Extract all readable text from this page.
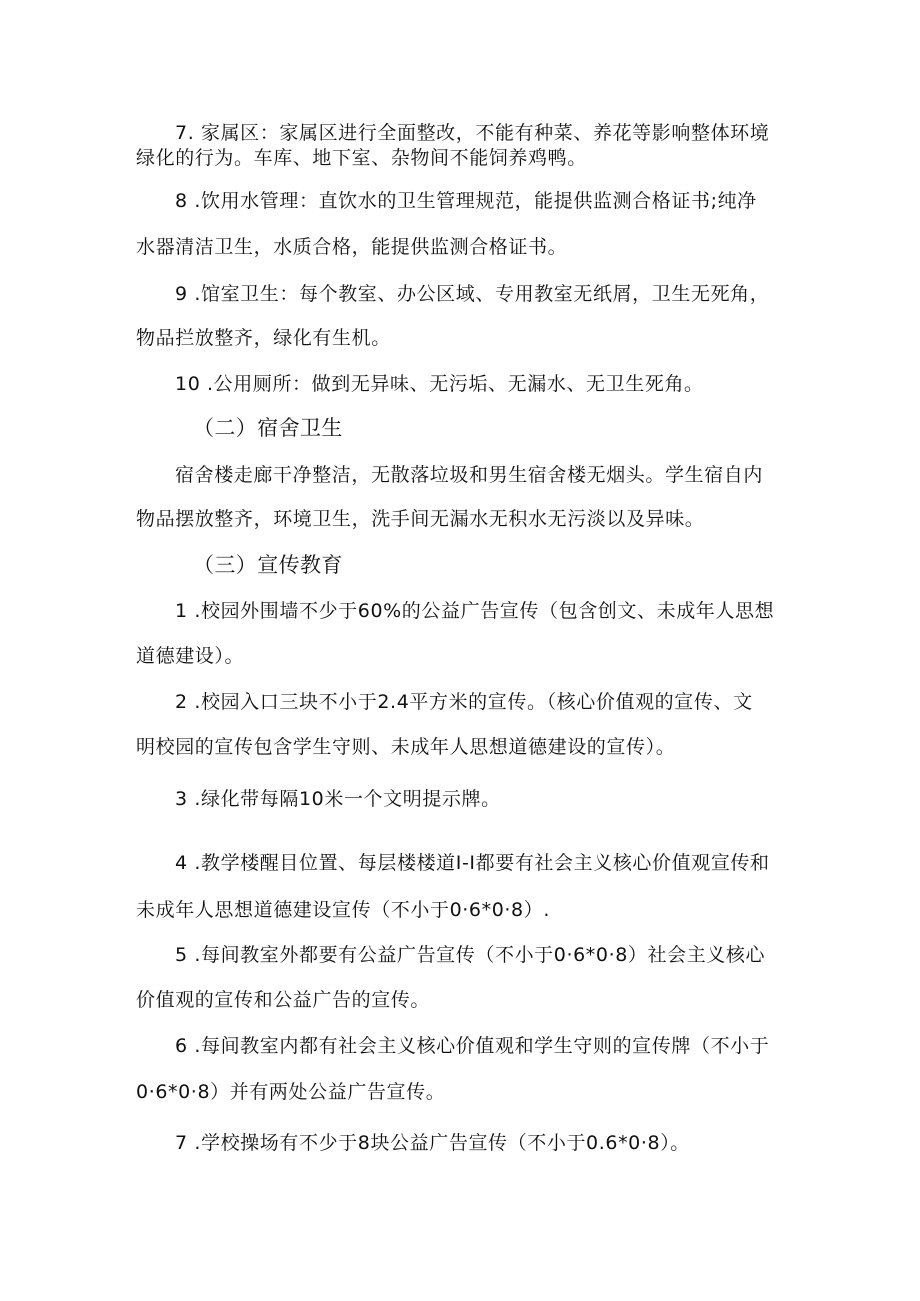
7. 家属区：家属区进行全面整改，不能有种菜、养花等影响整体环境
绿化的行为。车库、地下室、杂物间不能饲养鸡鸭。
8 .饮用水管理：直饮水的卫生管理规范，能提供监测合格证书;纯净
水器清洁卫生，水质合格，能提供监测合格证书。
9 .馆室卫生：每个教室、办公区域、专用教室无纸屑，卫生无死角，
物品拦放整齐，绿化有生机。
10 .公用厕所：做到无异味、无污垢、无漏水、无卫生死角。
（二）宿舍卫生
宿舍楼走廊干净整洁，无散落垃圾和男生宿舍楼无烟头。学生宿自内
物品摆放整齐，环境卫生，洗手间无漏水无积水无污淡以及异味。
（三）宣传教育
1 .校园外围墙不少于60%的公益广告宣传（包含创文、未成年人思想
道德建设）。
2 .校园入口三块不小于2.4平方米的宣传。（核心价值观的宣传、文
明校园的宣传包含学生守则、未成年人思想道德建设的宣传）。
3 .绿化带每隔10米一个文明提示牌。
4 .教学楼醒目位置、每层楼楼道I-I都要有社会主义核心价值观宣传和
未成年人思想道德建设宣传（不小于0·6*0·8）.
5 .每间教室外都要有公益广告宣传（不小于0·6*0·8）社会主义核心
价值观的宣传和公益广告的宣传。
6 .每间教室内都有社会主义核心价值观和学生守则的宣传牌（不小于
0·6*0·8）并有两处公益广告宣传。
7 .学校操场有不少于8块公益广告宣传（不小于0.6*0·8）。
